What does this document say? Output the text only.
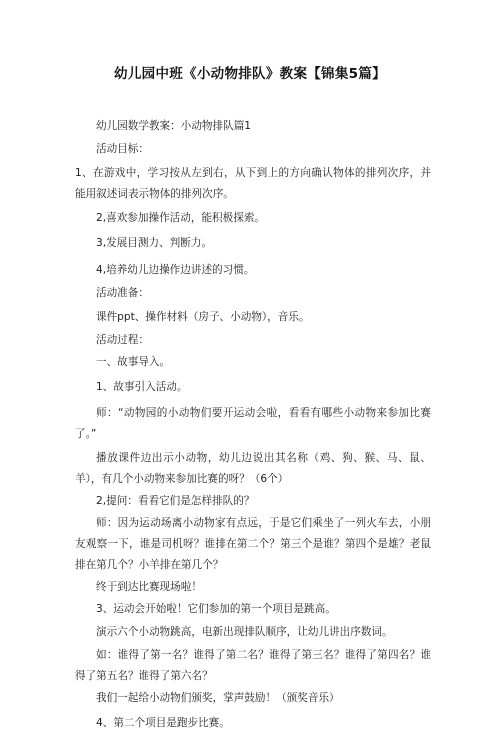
幼儿园中班《小动物排队》教案【锦集5篇】

幼儿园数学教案：小动物排队篇1

活动目标：

1、在游戏中，学习按从左到右，从下到上的方向确认物体的排列次序，并能用叙述词表示物体的排列次序。

2,喜欢参加操作活动，能积极探索。

3,发展目测力、判断力。

4,培养幼儿边操作边讲述的习惯。

活动准备：

课件ppt、操作材料（房子、小动物），音乐。

活动过程：

一、故事导入。

1、故事引入活动。

师：“动物园的小动物们要开运动会啦，看看有哪些小动物来参加比赛了。”

播放课件边出示小动物，幼儿边说出其名称（鸡、狗、猴、马、鼠、羊），有几个小动物来参加比赛的呀？（6个）

2,提问：看看它们是怎样排队的？

师：因为运动场离小动物家有点远，于是它们乘坐了一列火车去，小朋友观察一下，谁是司机呀？谁排在第二个？第三个是谁？第四个是雄？老鼠排在第几个？小羊排在第几个？

终于到达比赛现场啦！

3、运动会开始啦！它们参加的第一个项目是跳高。

演示六个小动物跳高，电新出现排队顺序，让幼儿讲出序数词。

如：谁得了第一名？谁得了第二名？谁得了第三名？谁得了第四名？谁得了第五名？谁得了第六名？

我们一起给小动物们颁奖，掌声鼓励！（颁奖音乐）

4、第二个项目是跑步比赛。
